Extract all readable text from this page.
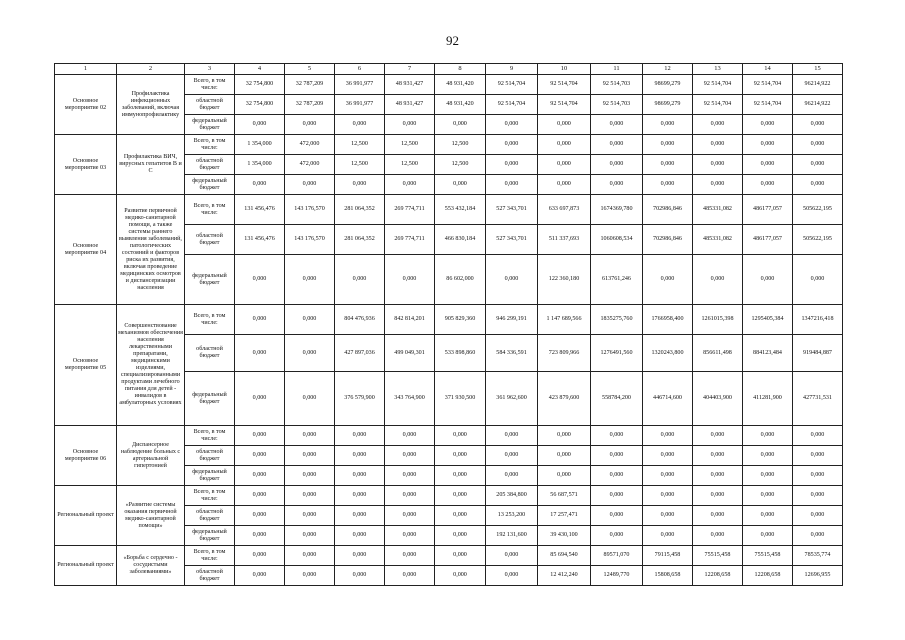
92
1	2	3	4	5	6	7	8	9	10	11	12	13	14	15
Основное мероприятие 02	Профилактика инфекционных заболеваний, включая иммунопрофилактику	Всего, в том числе:	32 754,800	32 787,209	36 991,977	48 931,427	48 931,420	92 514,704	92 514,704	92 514,703	98699,279	92 514,704	92 514,704	96214,922
		областной бюджет	32 754,800	32 787,209	36 991,977	48 931,427	48 931,420	92 514,704	92 514,704	92 514,703	98699,279	92 514,704	92 514,704	96214,922
		федеральный бюджет	0,000	0,000	0,000	0,000	0,000	0,000	0,000	0,000	0,000	0,000	0,000	0,000
Основное мероприятие 03	Профилактика ВИЧ, вирусных гепатитов В и С	Всего, в том числе:	1 354,000	472,000	12,500	12,500	12,500	0,000	0,000	0,000	0,000	0,000	0,000	0,000
		областной бюджет	1 354,000	472,000	12,500	12,500	12,500	0,000	0,000	0,000	0,000	0,000	0,000	0,000
		федеральный бюджет	0,000	0,000	0,000	0,000	0,000	0,000	0,000	0,000	0,000	0,000	0,000	0,000
Основное мероприятие 04	Развитие первичной медико-санитарной помощи, а также системы раннего выявления заболеваний, патологических состояний и факторов риска их развития, включая проведение медицинских осмотров и диспансеризации населения	Всего, в том числе:	131 456,476	143 176,570	281 064,352	269 774,711	553 432,184	527 343,701	633 697,873	1674369,780	702986,846	485331,082	486177,057	505622,195
		областной бюджет	131 456,476	143 176,570	281 064,352	269 774,711	466 830,184	527 343,701	511 337,693	1060608,534	702986,846	485331,082	486177,057	505622,195
		федеральный бюджет	0,000	0,000	0,000	0,000	86 602,000	0,000	122 360,180	613761,246	0,000	0,000	0,000	0,000
Основное мероприятие 05	Совершенствование механизмов обеспечения населения лекарственными препаратами, медицинскими изделиями, специализированными продуктами лечебного питания для детей - инвалидов в амбулаторных условиях	Всего, в том числе:	0,000	0,000	804 476,936	842 814,201	905 829,360	946 299,191	1 147 689,566	1835275,760	1766958,400	1261015,398	1295405,384	1347216,418
		областной бюджет	0,000	0,000	427 897,036	499 049,301	533 898,860	584 336,591	723 809,966	1276491,560	1320243,800	856611,498	884123,484	919484,887
		федеральный бюджет	0,000	0,000	376 579,900	343 764,900	371 930,500	361 962,600	423 879,600	558784,200	446714,600	404403,900	411281,900	427731,531
Основное мероприятие 06	Диспансерное наблюдение больных с артериальной гипертонией	Всего, в том числе:	0,000	0,000	0,000	0,000	0,000	0,000	0,000	0,000	0,000	0,000	0,000	0,000
		областной бюджет	0,000	0,000	0,000	0,000	0,000	0,000	0,000	0,000	0,000	0,000	0,000	0,000
		федеральный бюджет	0,000	0,000	0,000	0,000	0,000	0,000	0,000	0,000	0,000	0,000	0,000	0,000
Региональный проект	«Развитие системы оказания первичной медико-санитарной помощи»	Всего, в том числе:	0,000	0,000	0,000	0,000	0,000	205 384,800	56 687,571	0,000	0,000	0,000	0,000	0,000
		областной бюджет	0,000	0,000	0,000	0,000	0,000	13 253,200	17 257,471	0,000	0,000	0,000	0,000	0,000
		федеральный бюджет	0,000	0,000	0,000	0,000	0,000	192 131,600	39 430,100	0,000	0,000	0,000	0,000	0,000
Региональный проект	«Борьба с сердечно - сосудистыми заболеваниями»	Всего, в том числе:	0,000	0,000	0,000	0,000	0,000	0,000	85 694,540	89571,070	79115,458	75515,458	75515,458	78535,774
		областной бюджет	0,000	0,000	0,000	0,000	0,000	0,000	12 412,240	12489,770	15808,658	12208,658	12208,658	12696,955
